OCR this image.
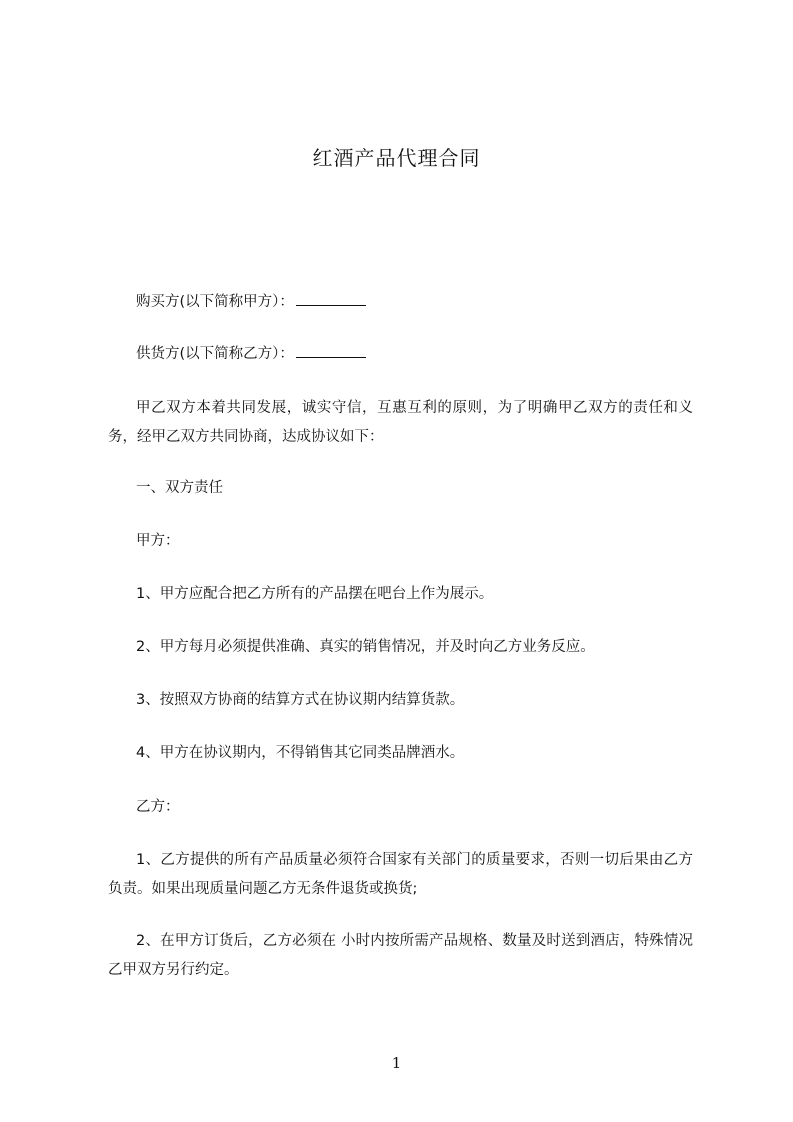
红酒产品代理合同
购买方(以下简称甲方）：
供货方(以下简称乙方）：
甲乙双方本着共同发展，诚实守信，互惠互利的原则，为了明确甲乙双方的责任和义务，经甲乙双方共同协商，达成协议如下：
一、双方责任
甲方：
1、甲方应配合把乙方所有的产品摆在吧台上作为展示。
2、甲方每月必须提供准确、真实的销售情况，并及时向乙方业务反应。
3、按照双方协商的结算方式在协议期内结算货款。
4、甲方在协议期内，不得销售其它同类品牌酒水。
乙方：
1、乙方提供的所有产品质量必须符合国家有关部门的质量要求，否则一切后果由乙方负责。如果出现质量问题乙方无条件退货或换货;
2、在甲方订货后，乙方必须在 小时内按所需产品规格、数量及时送到酒店，特殊情况乙甲双方另行约定。
1
